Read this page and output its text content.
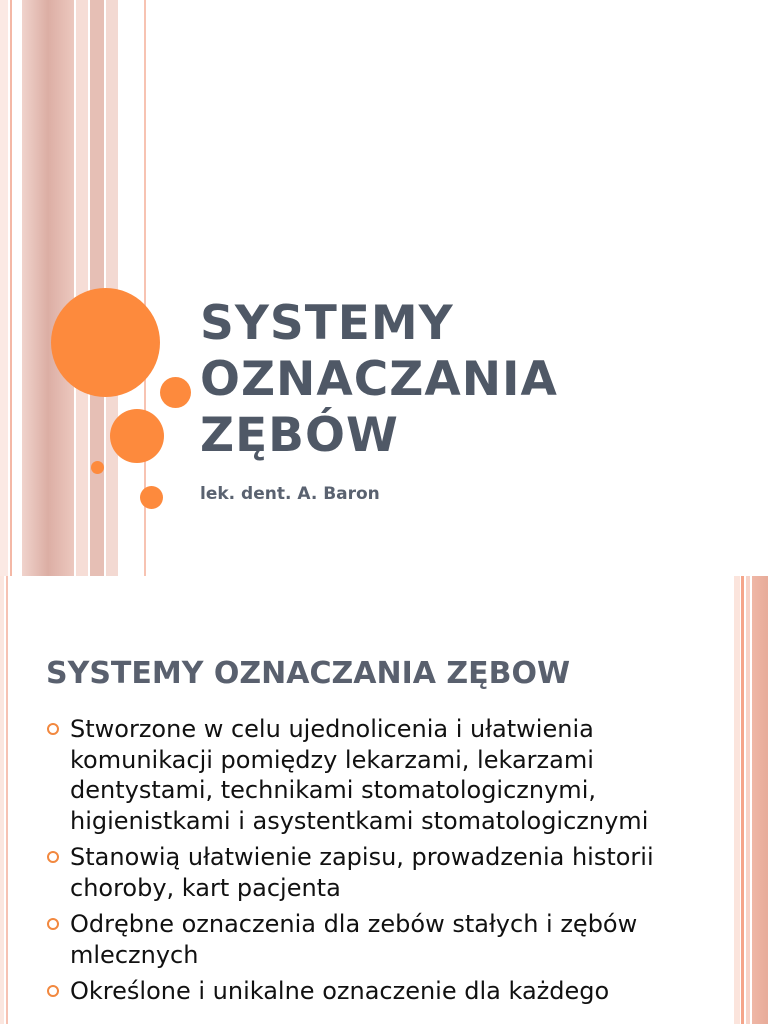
SYSTEMY
OZNACZANIA
ZĘBÓW

lek. dent. A. Baron

SYSTEMY OZNACZANIA ZĘBOW
Stworzone w celu ujednolicenia i ułatwienia komunikacji pomiędzy lekarzami, lekarzami dentystami, technikami stomatologicznymi, higienistkami i asystentkami stomatologicznymi
Stanowią ułatwienie zapisu, prowadzenia historii choroby, kart pacjenta
Odrębne oznaczenia dla zebów stałych i zębów mlecznych
Określone i unikalne oznaczenie dla każdego
